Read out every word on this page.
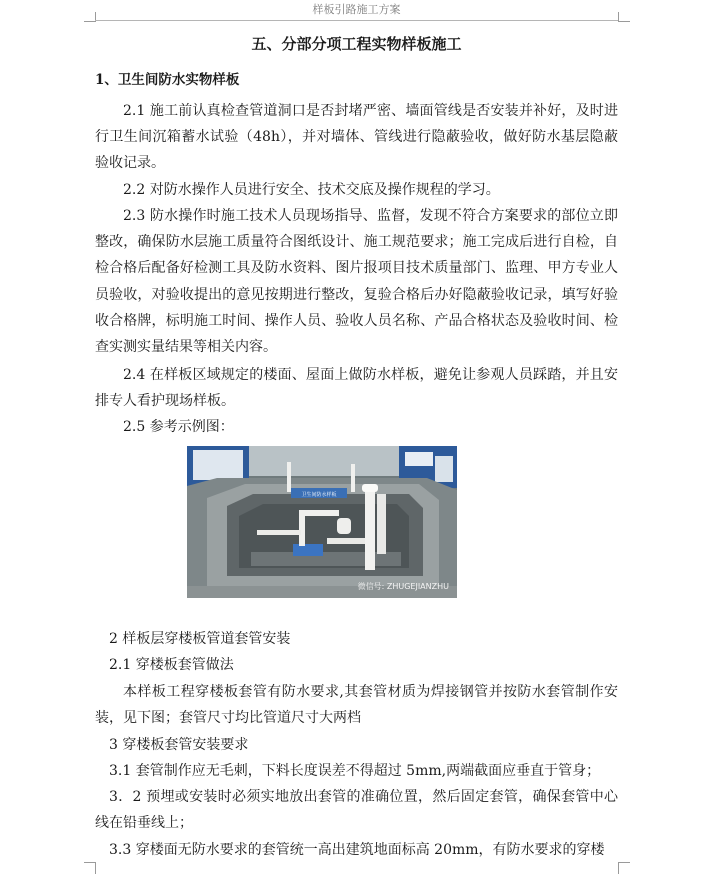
样板引路施工方案
五、分部分项工程实物样板施工
1、卫生间防水实物样板
2.1 施工前认真检查管道洞口是否封堵严密、墙面管线是否安装并补好，及时进行卫生间沉箱蓄水试验（48h），并对墙体、管线进行隐蔽验收，做好防水基层隐蔽验收记录。
2.2 对防水操作人员进行安全、技术交底及操作规程的学习。
2.3 防水操作时施工技术人员现场指导、监督，发现不符合方案要求的部位立即整改，确保防水层施工质量符合图纸设计、施工规范要求；施工完成后进行自检，自检合格后配备好检测工具及防水资料、图片报项目技术质量部门、监理、甲方专业人员验收，对验收提出的意见按期进行整改，复验合格后办好隐蔽验收记录，填写好验收合格牌，标明施工时间、操作人员、验收人员名称、产品合格状态及验收时间、检查实测实量结果等相关内容。
2.4 在样板区域规定的楼面、屋面上做防水样板，避免让参观人员踩踏，并且安排专人看护现场样板。
2.5 参考示例图：
卫生间防水样板
微信号: ZHUGEJIANZHU
2 样板层穿楼板管道套管安装
2.1 穿楼板套管做法
本样板工程穿楼板套管有防水要求,其套管材质为焊接钢管并按防水套管制作安装，见下图；套管尺寸均比管道尺寸大两档
3 穿楼板套管安装要求
3.1 套管制作应无毛刺，下料长度误差不得超过 5mm,两端截面应垂直于管身；
3．2 预埋或安装时必须实地放出套管的准确位置，然后固定套管，确保套管中心线在铅垂线上；
3.3 穿楼面无防水要求的套管统一高出建筑地面标高 20mm，有防水要求的穿楼
